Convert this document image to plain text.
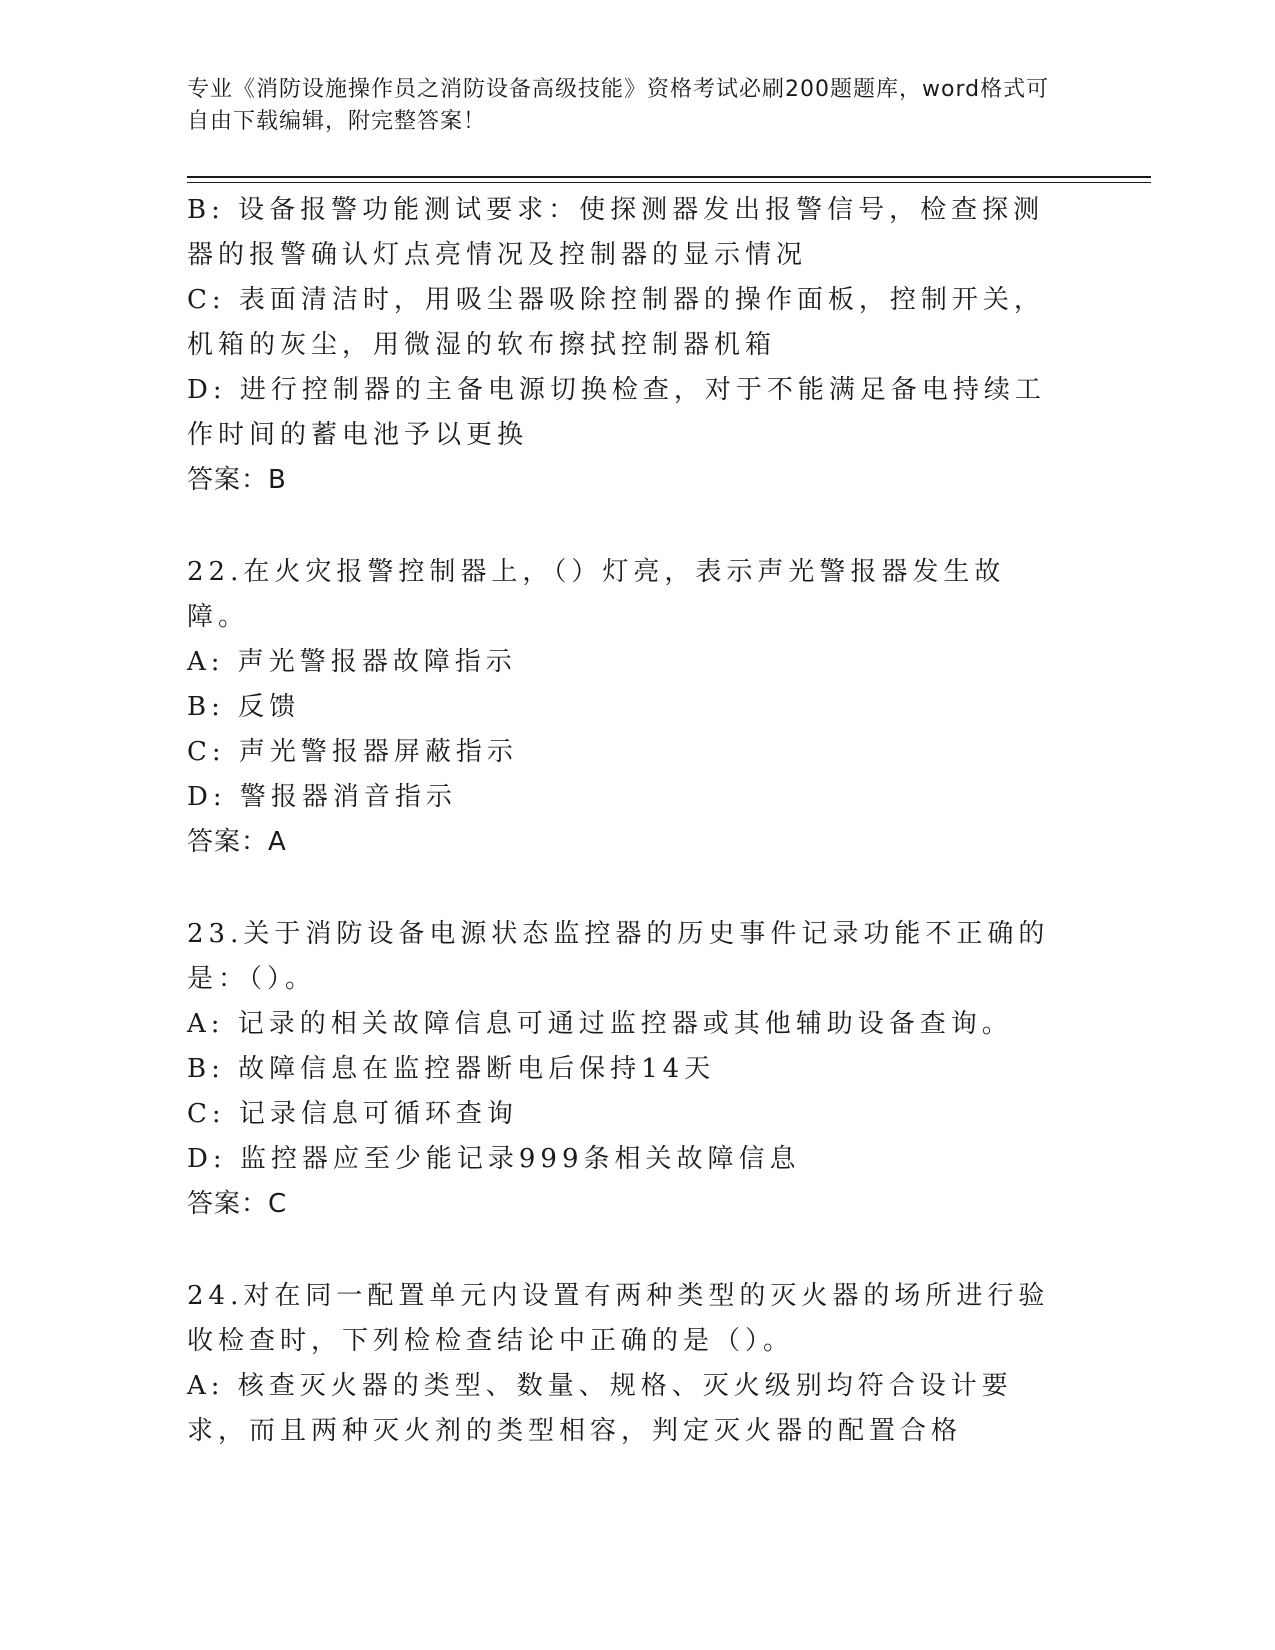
专业《消防设施操作员之消防设备高级技能》资格考试必刷200题题库，word格式可自由下载编辑，附完整答案！

B: 设备报警功能测试要求：使探测器发出报警信号，检查探测器的报警确认灯点亮情况及控制器的显示情况

C: 表面清洁时，用吸尘器吸除控制器的操作面板，控制开关，机箱的灰尘，用微湿的软布擦拭控制器机箱

D: 进行控制器的主备电源切换检查，对于不能满足备电持续工作时间的蓄电池予以更换

答案：B

22.在火灾报警控制器上，（）灯亮，表示声光警报器发生故障。

A: 声光警报器故障指示

B: 反馈

C: 声光警报器屏蔽指示

D: 警报器消音指示

答案：A

23.关于消防设备电源状态监控器的历史事件记录功能不正确的是：（）。

A: 记录的相关故障信息可通过监控器或其他辅助设备查询。

B: 故障信息在监控器断电后保持14天

C: 记录信息可循环查询

D: 监控器应至少能记录999条相关故障信息

答案：C

24.对在同一配置单元内设置有两种类型的灭火器的场所进行验收检查时，下列检检查结论中正确的是（）。

A: 核查灭火器的类型、数量、规格、灭火级别均符合设计要求，而且两种灭火剂的类型相容，判定灭火器的配置合格
